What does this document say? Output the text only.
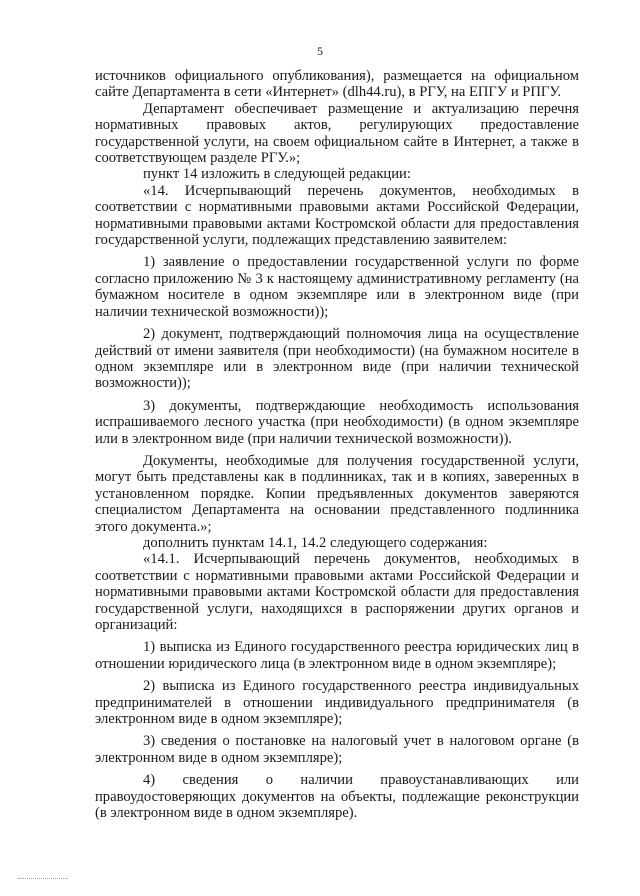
5

источников официального опубликования), размещается на официальном сайте Департамента в сети «Интернет» (dlh44.ru), в РГУ, на ЕПГУ и РПГУ.

Департамент обеспечивает размещение и актуализацию перечня нормативных правовых актов, регулирующих предоставление государственной услуги, на своем официальном сайте в Интернет, а также в соответствующем разделе РГУ.»;

пункт 14 изложить в следующей редакции:

«14. Исчерпывающий перечень документов, необходимых в соответствии с нормативными правовыми актами Российской Федерации, нормативными правовыми актами Костромской области для предоставления государственной услуги, подлежащих представлению заявителем:

1) заявление о предоставлении государственной услуги по форме согласно приложению № 3 к настоящему административному регламенту (на бумажном носителе в одном экземпляре или в электронном виде (при наличии технической возможности));

2) документ, подтверждающий полномочия лица на осуществление действий от имени заявителя (при необходимости) (на бумажном носителе в одном экземпляре или в электронном виде (при наличии технической возможности));

3) документы, подтверждающие необходимость использования испрашиваемого лесного участка (при необходимости) (в одном экземпляре или в электронном виде (при наличии технической возможности)).

Документы, необходимые для получения государственной услуги, могут быть представлены как в подлинниках, так и в копиях, заверенных в установленном порядке. Копии предъявленных документов заверяются специалистом Департамента на основании представленного подлинника этого документа.»;

дополнить пунктам 14.1, 14.2 следующего содержания:

«14.1. Исчерпывающий перечень документов, необходимых в соответствии с нормативными правовыми актами Российской Федерации и нормативными правовыми актами Костромской области для предоставления государственной услуги, находящихся в распоряжении других органов и организаций:

1) выписка из Единого государственного реестра юридических лиц в отношении юридического лица (в электронном виде в одном экземпляре);

2) выписка из Единого государственного реестра индивидуальных предпринимателей в отношении индивидуального предпринимателя (в электронном виде в одном экземпляре);

3) сведения о постановке на налоговый учет в налоговом органе (в электронном виде в одном экземпляре);

4) сведения о наличии правоустанавливающих или правоудостоверяющих документов на объекты, подлежащие реконструкции (в электронном виде в одном экземпляре).
